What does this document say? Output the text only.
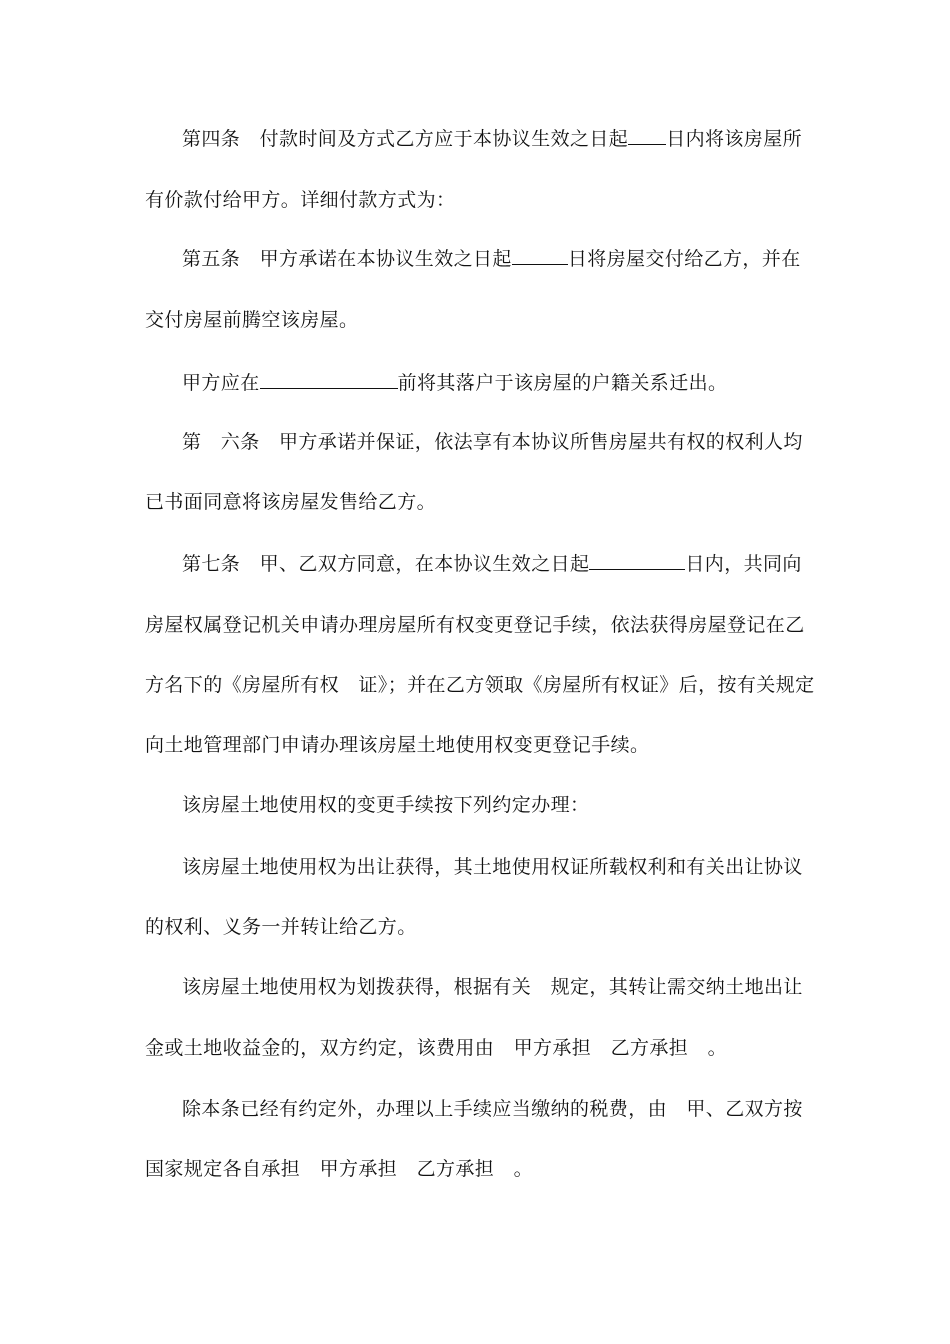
第四条　付款时间及方式乙方应于本协议生效之日起 日内将该房屋所
有价款付给甲方。详细付款方式为：
第五条　甲方承诺在本协议生效之日起	日将房屋交付给乙方，并在
交付房屋前腾空该房屋。
甲方应在	前将其落户于该房屋的户籍关系迁出。
第　六条　甲方承诺并保证，依法享有本协议所售房屋共有权的权利人均
已书面同意将该房屋发售给乙方。
第七条　甲、乙双方同意，在本协议生效之日起	日内，共同向
房屋权属登记机关申请办理房屋所有权变更登记手续，依法获得房屋登记在乙
方名下的《房屋所有权　证》；并在乙方领取《房屋所有权证》后，按有关规定
向土地管理部门申请办理该房屋土地使用权变更登记手续。
该房屋土地使用权的变更手续按下列约定办理：
该房屋土地使用权为出让获得，其土地使用权证所载权利和有关出让协议
的权利、义务一并转让给乙方。
该房屋土地使用权为划拨获得，根据有关　规定，其转让需交纳土地出让
金或土地收益金的，双方约定，该费用由　甲方承担　乙方承担　。
除本条已经有约定外，办理以上手续应当缴纳的税费，由　甲、乙双方按
国家规定各自承担　甲方承担　乙方承担　。
